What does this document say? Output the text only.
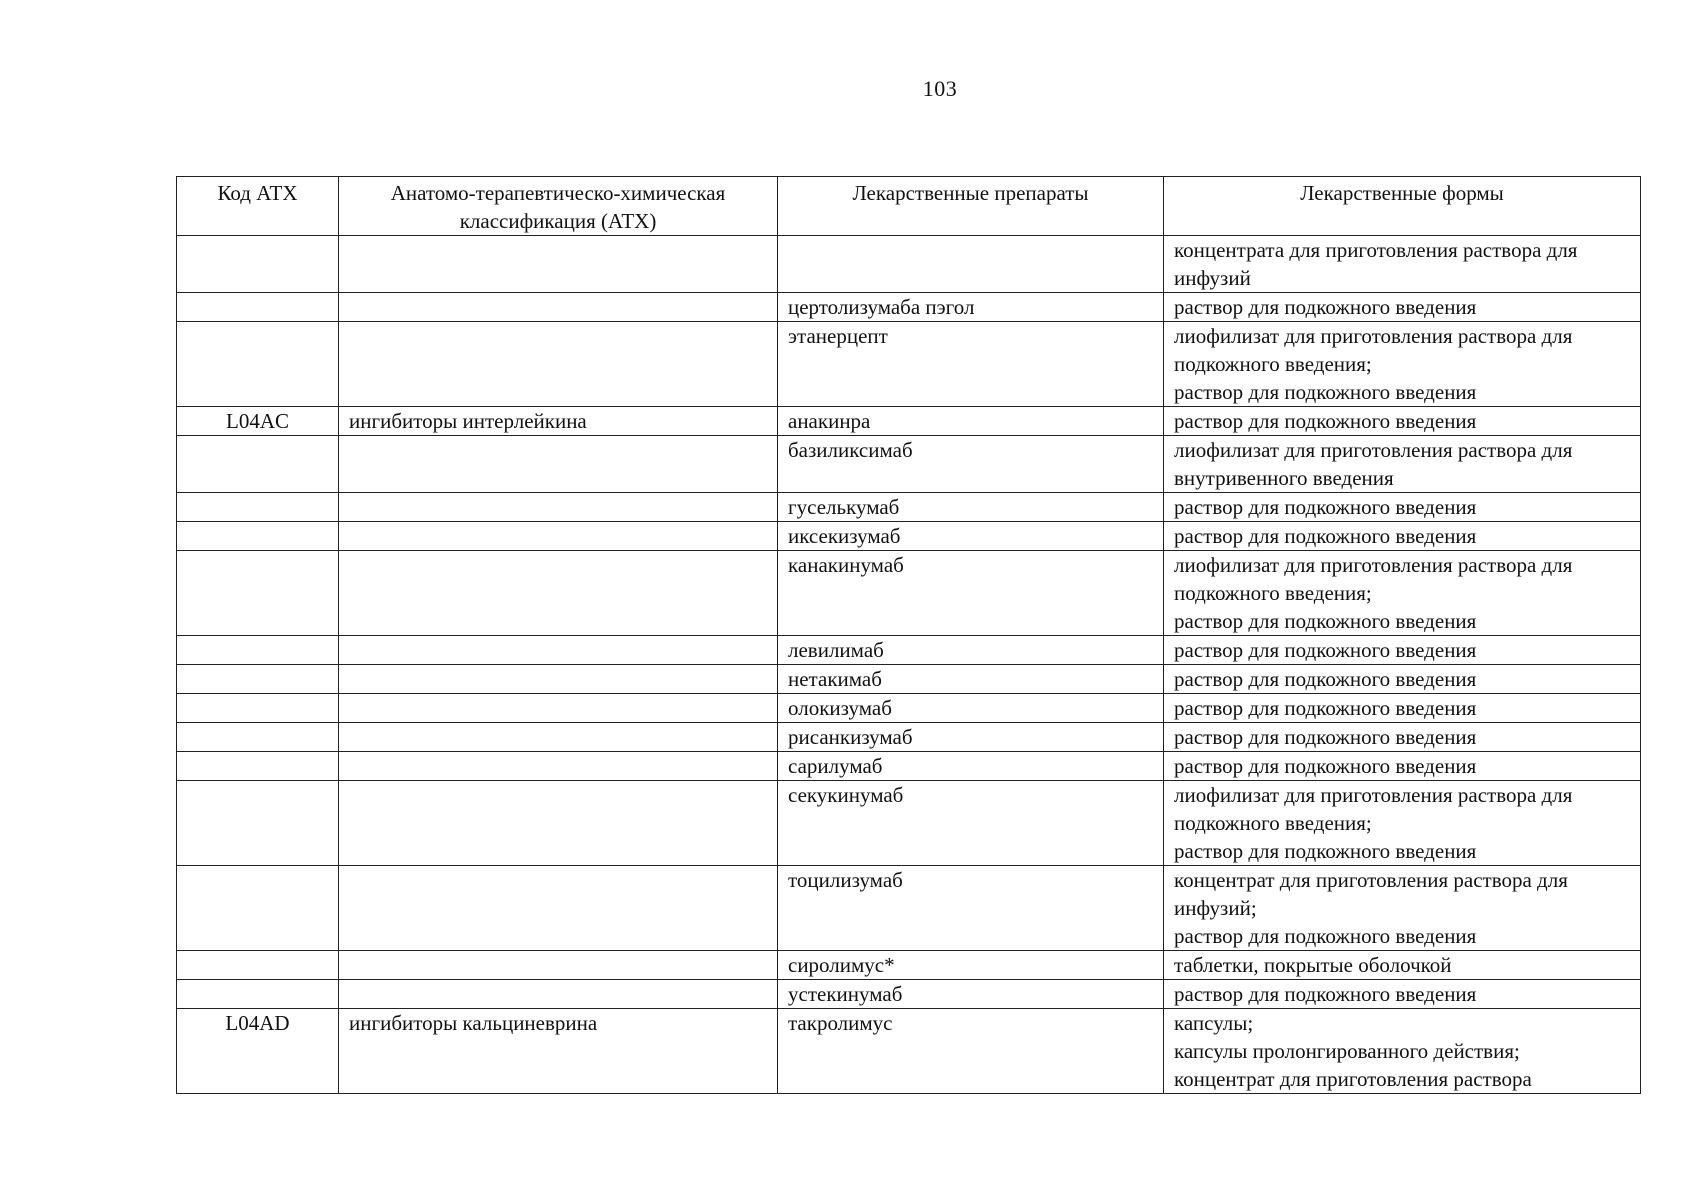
103
Код АТХ	Анатомо-терапевтическо-химическая классификация (АТХ)	Лекарственные препараты	Лекарственные формы
			концентрата для приготовления раствора для инфузий
		цертолизумаба пэгол	раствор для подкожного введения
		этанерцепт	лиофилизат для приготовления раствора для подкожного введения;
раствор для подкожного введения
L04AC	ингибиторы интерлейкина	анакинра	раствор для подкожного введения
		базиликсимаб	лиофилизат для приготовления раствора для внутривенного введения
		гуселькумаб	раствор для подкожного введения
		иксекизумаб	раствор для подкожного введения
		канакинумаб	лиофилизат для приготовления раствора для подкожного введения;
раствор для подкожного введения
		левилимаб	раствор для подкожного введения
		нетакимаб	раствор для подкожного введения
		олокизумаб	раствор для подкожного введения
		рисанкизумаб	раствор для подкожного введения
		сарилумаб	раствор для подкожного введения
		секукинумаб	лиофилизат для приготовления раствора для подкожного введения;
раствор для подкожного введения
		тоцилизумаб	концентрат для приготовления раствора для инфузий;
раствор для подкожного введения
		сиролимус*	таблетки, покрытые оболочкой
		устекинумаб	раствор для подкожного введения
L04AD	ингибиторы кальциневрина	такролимус	капсулы;
капсулы пролонгированного действия;
концентрат для приготовления раствора
